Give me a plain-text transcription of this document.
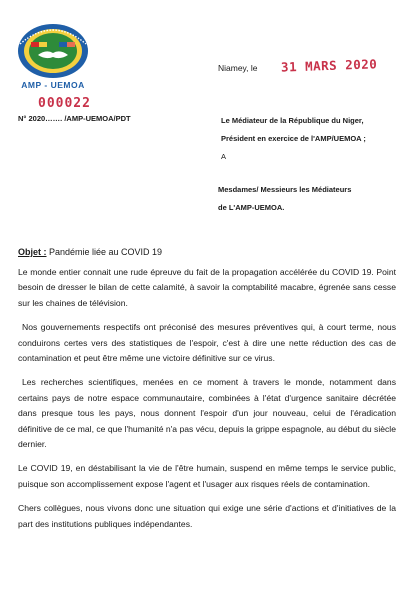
AMP - UEMOA
000022
N° 2020……. /AMP-UEMOA/PDT
Niamey, le 31 MARS 2020
Le Médiateur de la République du Niger,
Président en exercice de l'AMP/UEMOA ;
A
Mesdames/ Messieurs les Médiateurs
de L'AMP-UEMOA.
Objet : Pandémie liée au COVID 19

Le monde entier connait une rude épreuve du fait de la propagation accélérée du COVID 19. Point besoin de dresser le bilan de cette calamité, à savoir la comptabilité macabre, égrenée sans cesse sur les chaines de télévision.

Nos gouvernements respectifs ont préconisé des mesures préventives qui, à court terme, nous conduirons certes vers des statistiques de l'espoir, c'est à dire une nette réduction des cas de contamination et peut être même une victoire définitive sur ce virus.

Les recherches scientifiques, menées en ce moment à travers le monde, notamment dans certains pays de notre espace communautaire, combinées à l'état d'urgence sanitaire décrétée dans presque tous les pays, nous donnent l'espoir d'un jour nouveau, celui de l'éradication définitive de ce mal, ce que l'humanité n'a pas vécu, depuis la grippe espagnole, au début du siècle dernier.

Le COVID 19, en déstabilisant la vie de l'être humain, suspend en même temps le service public, puisque son accomplissement expose l'agent et l'usager aux risques réels de contamination.

Chers collègues, nous vivons donc une situation qui exige une série d'actions et d'initiatives de la part des institutions publiques indépendantes.
